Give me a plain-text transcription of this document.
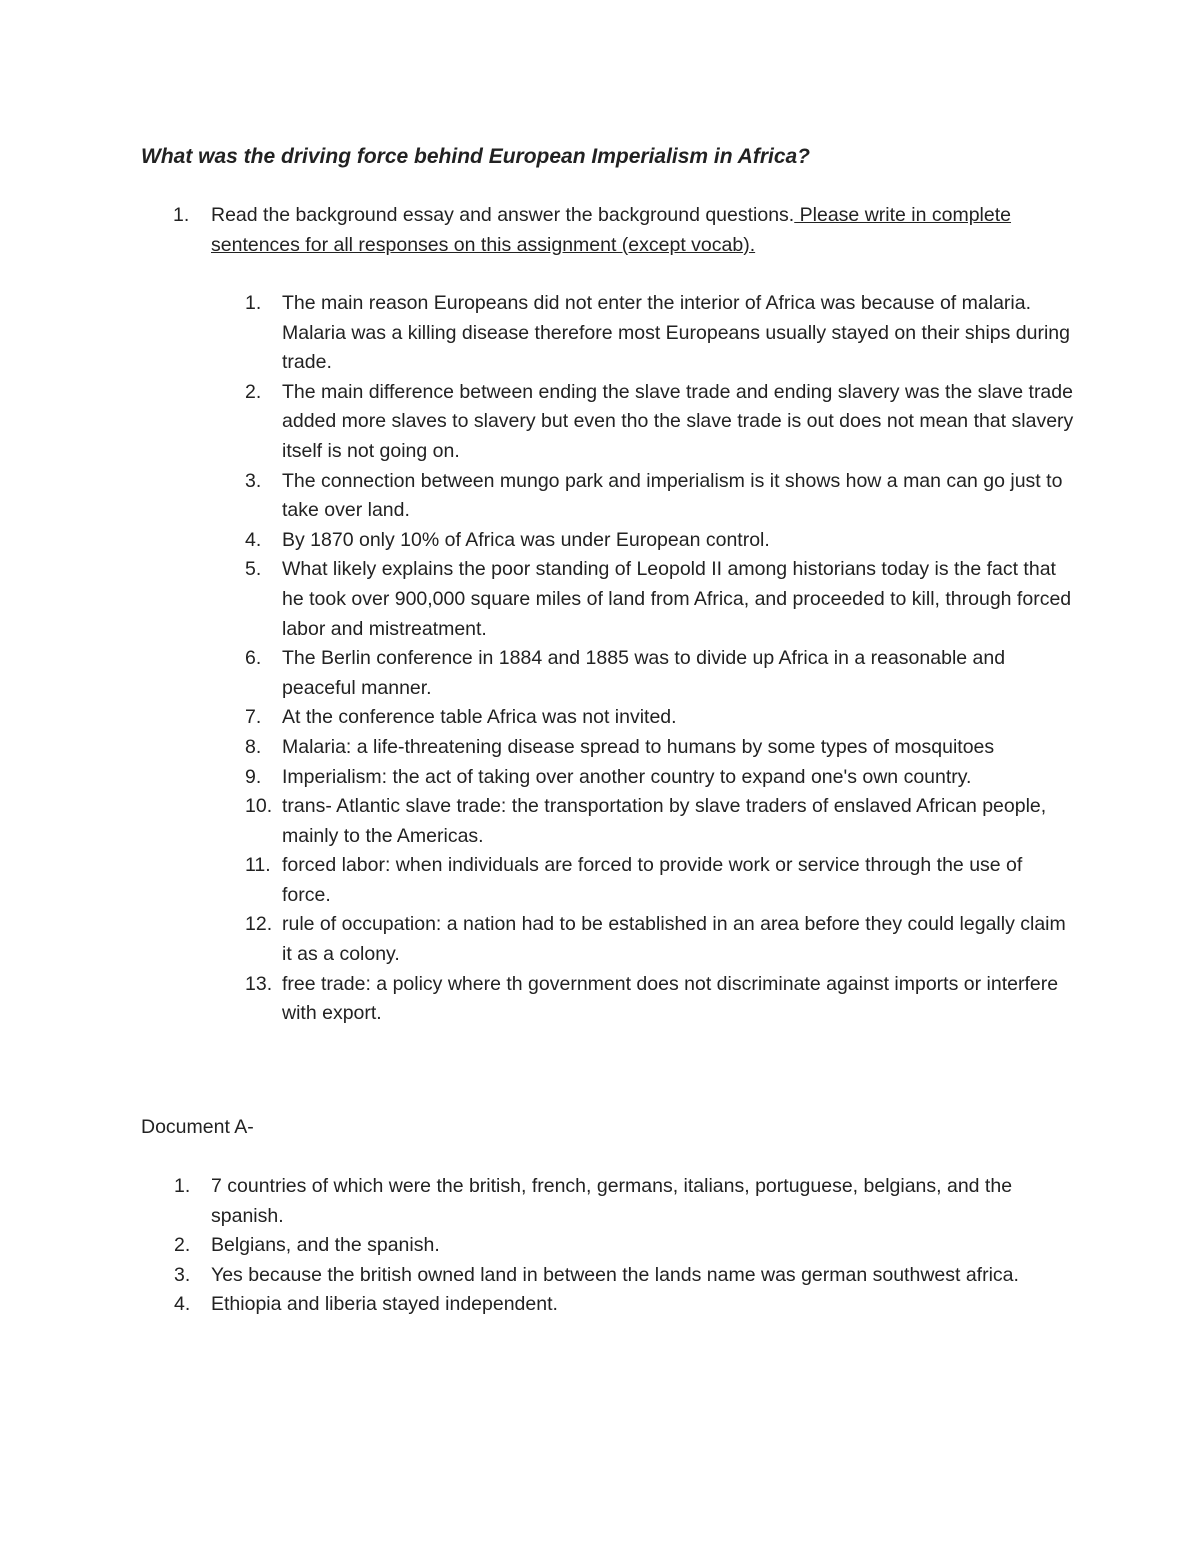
What was the driving force behind European Imperialism in Africa?
1. Read the background essay and answer the background questions. Please write in complete sentences for all responses on this assignment (except vocab).
1. The main reason Europeans did not enter the interior of Africa was because of malaria. Malaria was a killing disease therefore most Europeans usually stayed on their ships during trade.
2. The main difference between ending the slave trade and ending slavery was the slave trade added more slaves to slavery but even tho the slave trade is out does not mean that slavery itself is not going on.
3. The connection between mungo park and imperialism is it shows how a man can go just to take over land.
4. By 1870 only 10% of Africa was under European control.
5. What likely explains the poor standing of Leopold II among historians today is the fact that he took over 900,000 square miles of land from Africa, and proceeded to kill, through forced labor and mistreatment.
6. The Berlin conference in 1884 and 1885 was to divide up Africa in a reasonable and peaceful manner.
7. At the conference table Africa was not invited.
8. Malaria: a life-threatening disease spread to humans by some types of mosquitoes
9. Imperialism: the act of taking over another country to expand one's own country.
10. trans- Atlantic slave trade: the transportation by slave traders of enslaved African people, mainly to the Americas.
11. forced labor: when individuals are forced to provide work or service through the use of force.
12. rule of occupation: a nation had to be established in an area before they could legally claim it as a colony.
13. free trade: a policy where th government does not discriminate against imports or interfere with export.
Document A-
1. 7 countries of which were the british, french, germans, italians, portuguese, belgians, and the spanish.
2. Belgians, and the spanish.
3. Yes because the british owned land in between the lands name was german southwest africa.
4. Ethiopia and liberia stayed independent.
